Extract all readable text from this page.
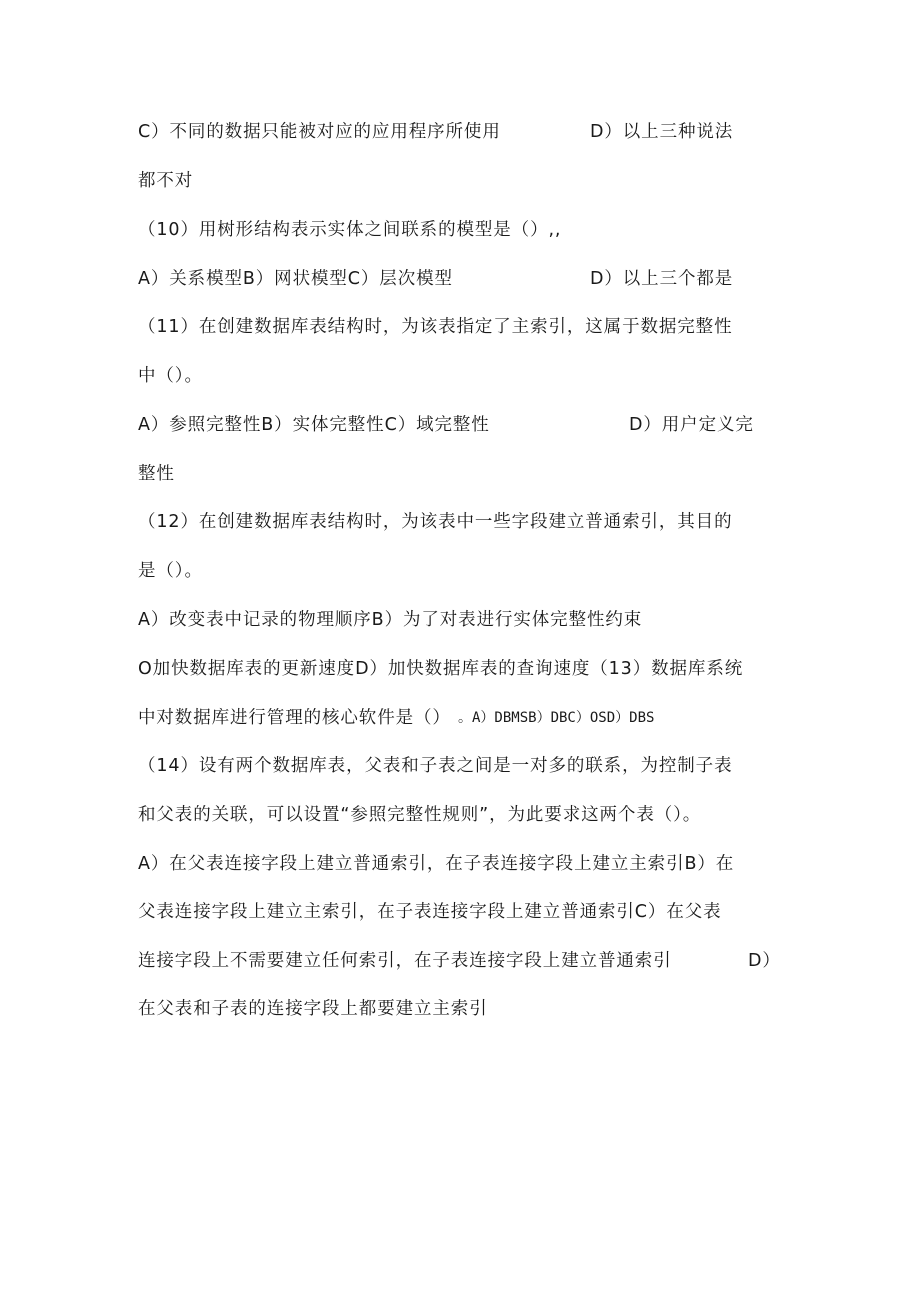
C）不同的数据只能被对应的应用程序所使用	D）以上三种说法
都不对
（10）用树形结构表示实体之间联系的模型是（）,,
A）关系模型B）网状模型C）层次模型	D）以上三个都是
（11）在创建数据库表结构时，为该表指定了主索引，这属于数据完整性
中（）。
A）参照完整性B）实体完整性C）域完整性	D）用户定义完
整性
（12）在创建数据库表结构时，为该表中一些字段建立普通索引，其目的
是（）。
A）改变表中记录的物理顺序B）为了对表进行实体完整性约束
O加快数据库表的更新速度D）加快数据库表的查询速度（13）数据库系统
中对数据库进行管理的核心软件是（） 。A）DBMSB）DBC）OSD）DBS
（14）设有两个数据库表，父表和子表之间是一对多的联系，为控制子表
和父表的关联，可以设置“参照完整性规则”，为此要求这两个表（）。
A）在父表连接字段上建立普通索引，在子表连接字段上建立主索引B）在
父表连接字段上建立主索引，在子表连接字段上建立普通索引C）在父表
连接字段上不需要建立任何索引，在子表连接字段上建立普通索引	D）
在父表和子表的连接字段上都要建立主索引
